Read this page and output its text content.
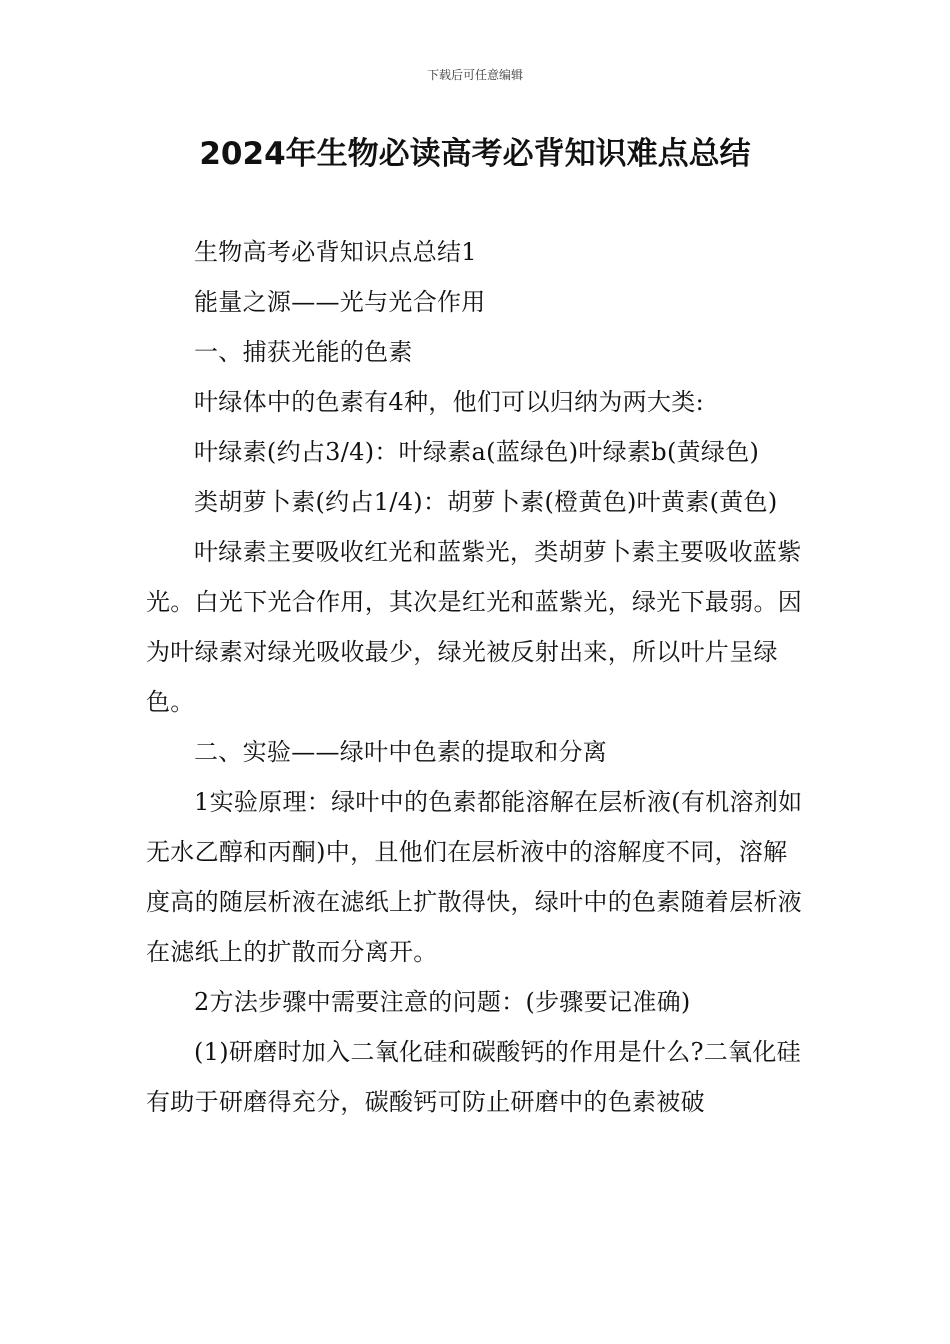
下载后可任意编辑
2024年生物必读高考必背知识难点总结

生物高考必背知识点总结1

能量之源——光与光合作用

一、捕获光能的色素

叶绿体中的色素有4种，他们可以归纳为两大类:

叶绿素(约占3/4)：叶绿素a(蓝绿色)叶绿素b(黄绿色)

类胡萝卜素(约占1/4)：胡萝卜素(橙黄色)叶黄素(黄色)

叶绿素主要吸收红光和蓝紫光，类胡萝卜素主要吸收蓝紫光。白光下光合作用，其次是红光和蓝紫光，绿光下最弱。因为叶绿素对绿光吸收最少，绿光被反射出来，所以叶片呈绿色。

二、实验——绿叶中色素的提取和分离

1实验原理：绿叶中的色素都能溶解在层析液(有机溶剂如无水乙醇和丙酮)中，且他们在层析液中的溶解度不同，溶解度高的随层析液在滤纸上扩散得快，绿叶中的色素随着层析液在滤纸上的扩散而分离开。

2方法步骤中需要注意的问题：(步骤要记准确)

(1)研磨时加入二氧化硅和碳酸钙的作用是什么?二氧化硅有助于研磨得充分，碳酸钙可防止研磨中的色素被破
